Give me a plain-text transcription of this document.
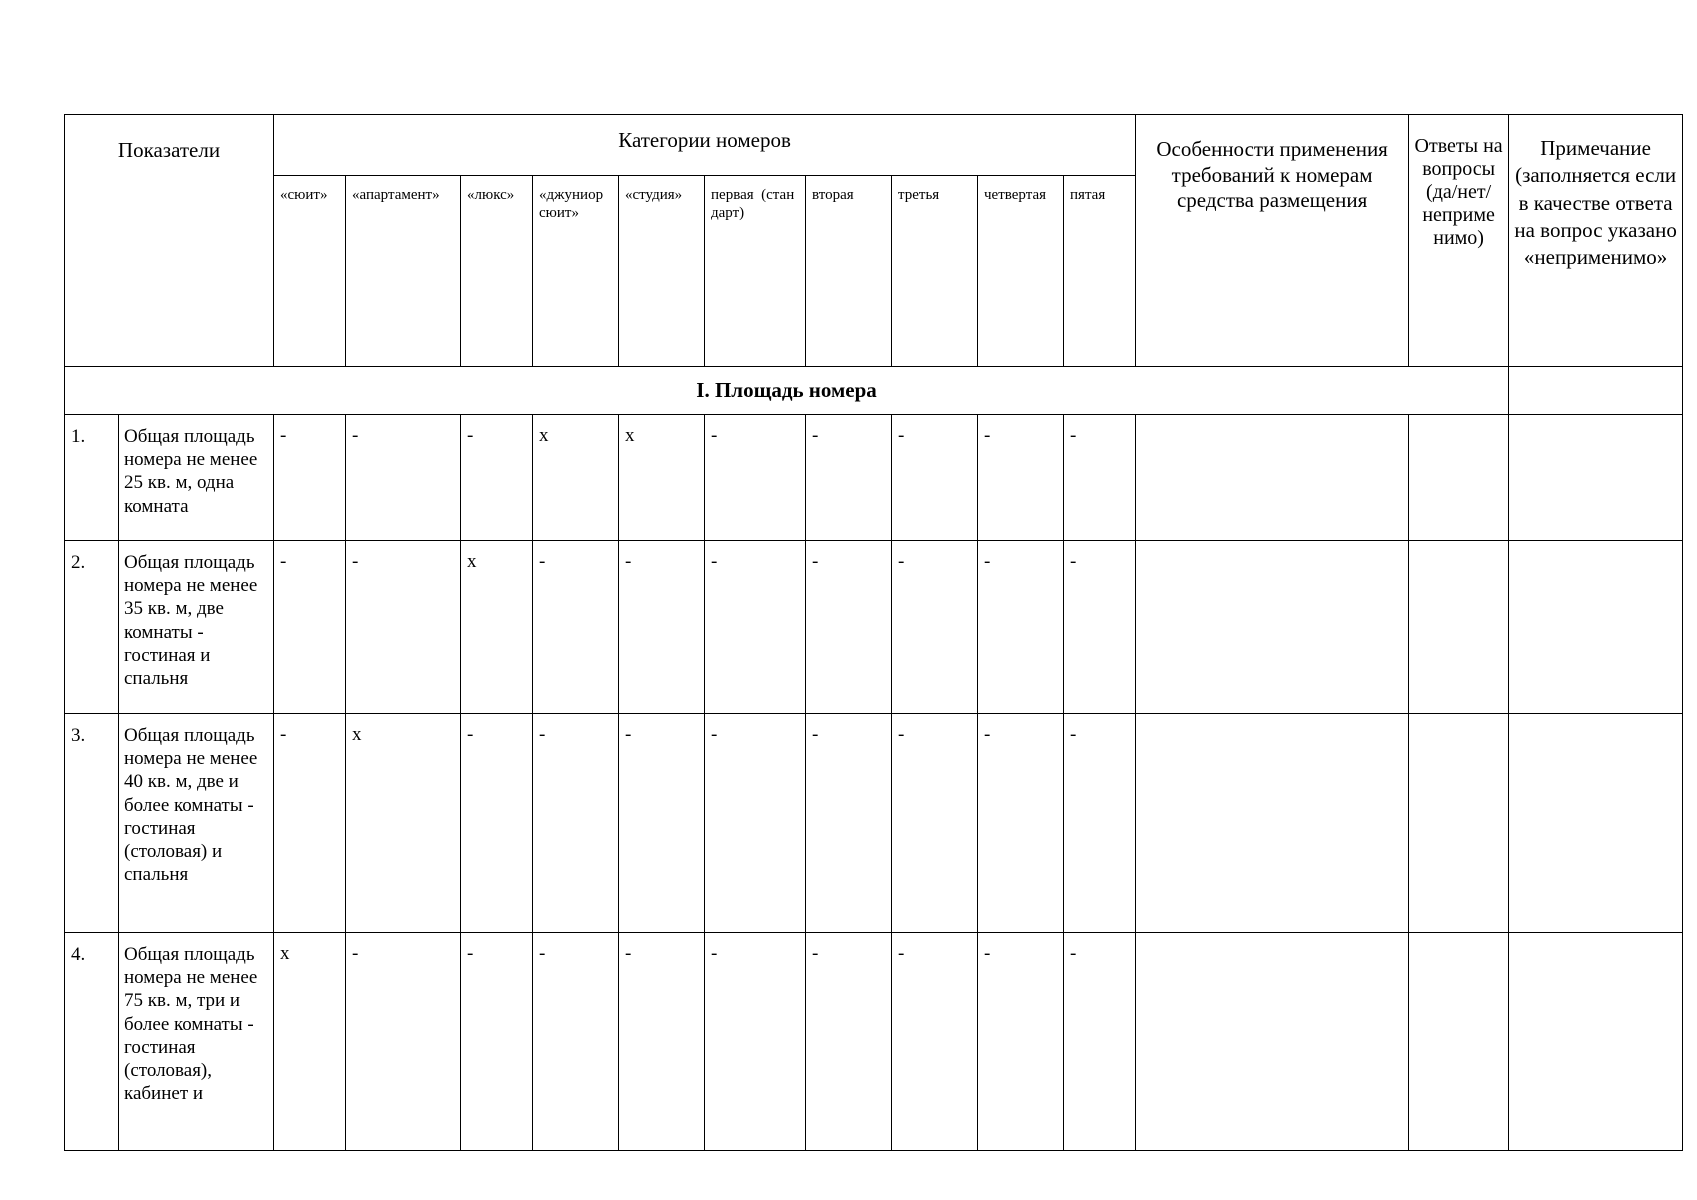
Показатели		Категории номеров										Особенности применения требований к номерам средства размещения	Ответы на вопросы (да/нет/ неприме нимо)	Примечание (заполняется если в качестве ответа на вопрос указано «неприменимо»
		«сюит»	«апартамент»	«люкс»	«джуниор сюит»	«студия»	первая  (стан дарт)	вторая	третья	четвертая	пятая			
I. Площадь номера														
1.	Общая площадь номера не менее 25 кв. м, одна комната	-	-	-	x	x	-	-	-	-	-			
2.	Общая площадь номера не менее 35 кв. м, две комнаты - гостиная и спальня	-	-	x	-	-	-	-	-	-	-			
3.	Общая площадь номера не менее 40 кв. м, две и более комнаты - гостиная (столовая) и спальня	-	x	-	-	-	-	-	-	-	-			
4.	Общая площадь номера не менее 75 кв. м, три и более комнаты - гостиная (столовая), кабинет и	x	-	-	-	-	-	-	-	-	-			
